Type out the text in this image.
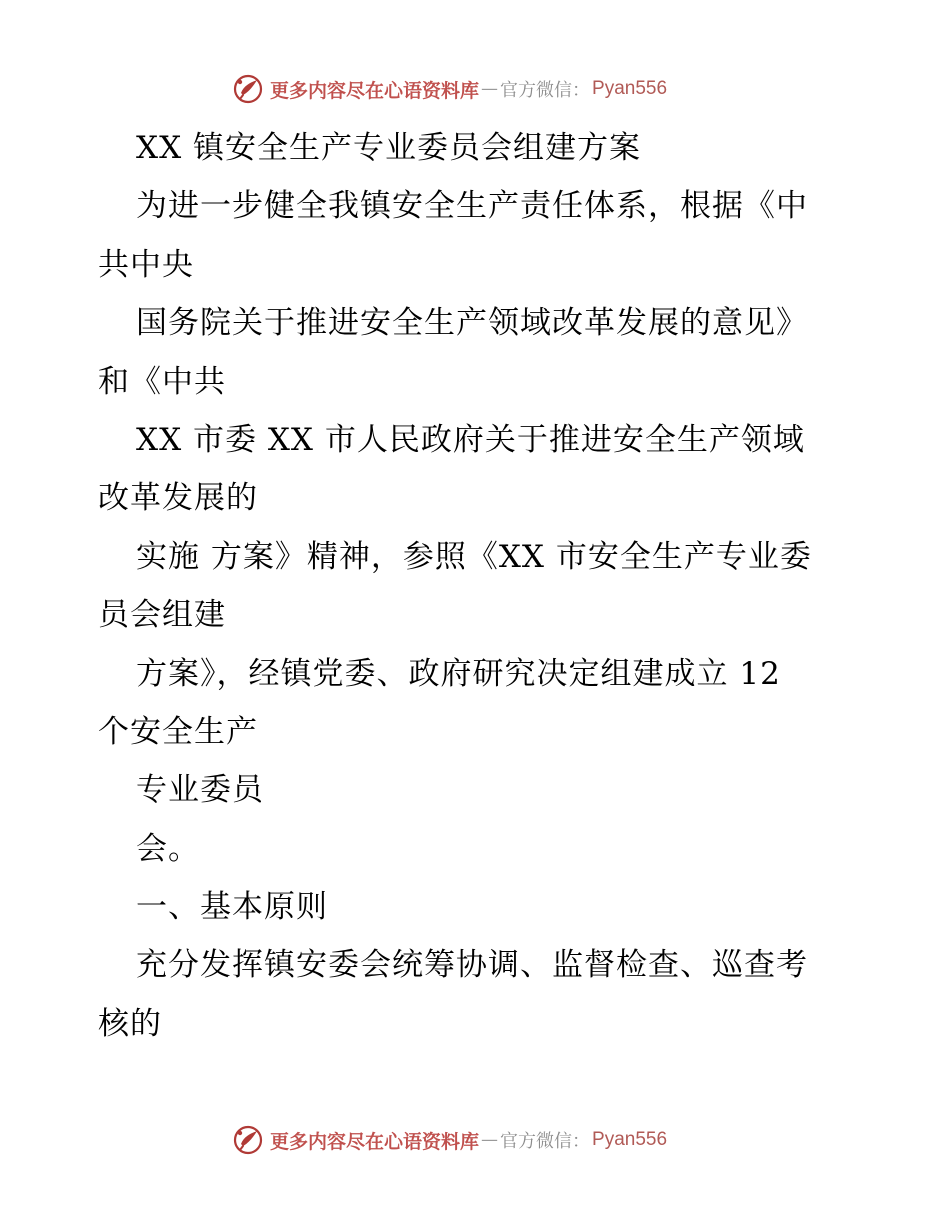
更多内容尽在心语资料库 — 官方微信： Pyan556
XX 镇安全生产专业委员会组建方案
为进一步健全我镇安全生产责任体系，根据《中
共中央
国务院关于推进安全生产领域改革发展的意见》
和《中共
XX 市委 XX 市人民政府关于推进安全生产领域
改革发展的
实施 方案》精神，参照《XX 市安全生产专业委
员会组建
方案》，经镇党委、政府研究决定组建成立 12
个安全生产
专业委员
会。
一、基本原则
充分发挥镇安委会统筹协调、监督检查、巡查考
核的
更多内容尽在心语资料库 — 官方微信： Pyan556
